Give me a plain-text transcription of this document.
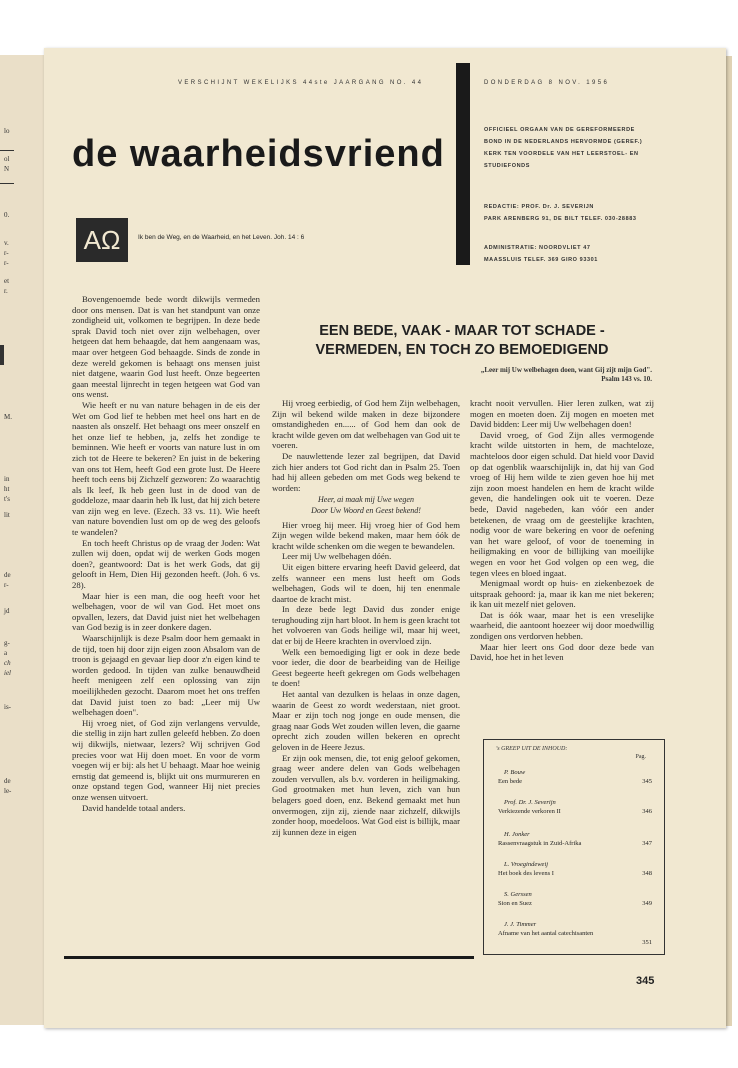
lo
ol
N
0.
v.
r-
r-
et
r.
M.
in
ht
t's
lit
de
r-
jd
g-
a
ch
iel
is-
de
le-
VERSCHIJNT WEKELIJKS 44ste JAARGANG NO. 44	DONDERDAG 8 NOV. 1956
de waarheidsvriend
AΩ	Ik ben de Weg, en de Waarheid, en het Leven. Joh. 14 : 6
OFFICIEEL ORGAAN VAN DE GEREFORMEERDE
BOND IN DE NEDERLANDS HERVORMDE (GEREF.)
KERK TEN VOORDELE VAN HET LEERSTOEL- EN
STUDIEFONDS
REDACTIE: PROF. Dr. J. SEVERIJN
PARK ARENBERG 91, DE BILT TELEF. 030-28883
ADMINISTRATIE: NOORDVLIET 47
MAASSLUIS TELEF. 369 GIRO 93301
EEN BEDE, VAAK - MAAR TOT SCHADE -
VERMEDEN, EN TOCH ZO BEMOEDIGEND
„Leer mij Uw welbehagen doen, want Gij zijt mijn God".
Psalm 143 vs. 10.

Bovengenoemde bede wordt dikwijls vermeden door ons mensen. Dat is van het standpunt van onze zondigheid uit, volkomen te begrijpen. In deze bede sprak David toch niet over zijn welbehagen, over hetgeen dat hem behaagde, dat hem aangenaam was, maar over hetgeen God behaagde. Sinds de zonde in deze wereld gekomen is behaagt ons mensen juist niet datgene, waarin God lust heeft. Onze begeerten gaan meestal lijnrecht in tegen hetgeen wat God van ons wenst.

Wie heeft er nu van nature behagen in de eis der Wet om God lief te hebben met heel ons hart en de naasten als onszelf. Het behaagt ons meer onszelf en het onze lief te hebben, ja, zelfs het zondige te beminnen. Wie heeft er voorts van nature lust in om zich tot de Heere te bekeren? En juist in de bekering van ons tot Hem, heeft God een grote lust. De Heere heeft toch eens bij Zichzelf gezworen: Zo waarachtig als Ik leef, Ik heb geen lust in de dood van de goddeloze, maar daarin heb Ik lust, dat hij zich betere van zijn weg en leve. (Ezech. 33 vs. 11). Wie heeft van nature bovendien lust om op de weg des geloofs te wandelen?

En toch heeft Christus op de vraag der Joden: Wat zullen wij doen, opdat wij de werken Gods mogen doen?, geantwoord: Dat is het werk Gods, dat gij gelooft in Hem, Dien Hij gezonden heeft. (Joh. 6 vs. 28).

Maar hier is een man, die oog heeft voor het welbehagen, voor de wil van God. Het moet ons opvallen, lezers, dat David juist niet het welbehagen van God bezig is in zeer donkere dagen.

Waarschijnlijk is deze Psalm door hem gemaakt in de tijd, toen hij door zijn eigen zoon Absalom van de troon is gejaagd en gevaar liep door z'n eigen kind te worden gedood. In tijden van zulke benauwdheid heeft menigeen zelf een oplossing van zijn moeilijkheden gezocht. Daarom moet het ons treffen dat David juist toen zo bad: „Leer mij Uw welbehagen doen".

Hij vroeg niet, of God zijn verlangens vervulde, die stellig in zijn hart zullen geleefd hebben. Zo doen wij dikwijls, nietwaar, lezers? Wij schrijven God precies voor wat Hij doen moet. En voor de vorm voegen wij er bij: als het U behaagt. Maar hoe weinig ernstig dat gemeend is, blijkt uit ons murmureren en onze opstand tegen God, wanneer Hij niet precies onze wensen uitvoert.

David handelde totaal anders.

Hij vroeg eerbiedig, of God hem Zijn welbehagen, Zijn wil bekend wilde maken in deze bijzondere omstandigheden en...... of God hem dan ook de kracht wilde geven om dat welbehagen van God uit te voeren.

De nauwlettende lezer zal begrijpen, dat David zich hier anders tot God richt dan in Psalm 25. Toen had hij alleen gebeden om met Gods weg bekend te worden:

Heer, ai maak mij Uwe wegen
Door Uw Woord en Geest bekend!

Hier vroeg hij meer. Hij vroeg hier of God hem Zijn wegen wilde bekend maken, maar hem óók de kracht wilde schenken om die wegen te bewandelen.

Leer mij Uw welbehagen dóén.

Uit eigen bittere ervaring heeft David geleerd, dat zelfs wanneer een mens lust heeft om Gods welbehagen, Gods wil te doen, hij ten enenmale daartoe de kracht mist.

In deze bede legt David dus zonder enige terughouding zijn hart bloot. In hem is geen kracht tot het volvoeren van Gods heilige wil, maar hij weet, dat er bij de Heere krachten in overvloed zijn.

Welk een bemoediging ligt er ook in deze bede voor ieder, die door de bearbeiding van de Heilige Geest begeerte heeft gekregen om Gods welbehagen te doen!

Het aantal van dezulken is helaas in onze dagen, waarin de Geest zo wordt wederstaan, niet groot. Maar er zijn toch nog jonge en oude mensen, die graag naar Gods Wet zouden willen leven, die gaarne oprecht zich zouden willen bekeren en oprecht geloven in de Heere Jezus.

Er zijn ook mensen, die, tot enig geloof gekomen, graag weer andere delen van Gods welbehagen zouden vervullen, als b.v. vorderen in heiligmaking. God grootmaken met hun leven, zich van hun belagers goed doen, enz. Bekend gemaakt met hun onvermogen, zijn zij, ziende naar zichzelf, dikwijls zonder hoop, moedeloos. Wat God eist is billijk, maar zij kunnen deze in eigen

kracht nooit vervullen. Hier leren zulken, wat zij mogen en moeten doen. Zij mogen en moeten met David bidden: Leer mij Uw welbehagen doen!

David vroeg, of God Zijn alles vermogende kracht wilde uitstorten in hem, de machteloze, machteloos door eigen schuld. Dat hield voor David op dat ogenblik waarschijnlijk in, dat hij van God vroeg of Hij hem wilde te zien geven hoe hij met zijn zoon moest handelen en hem de kracht wilde geven, die handelingen ook uit te voeren. Deze bede, David nagebeden, kan vóór een ander betekenen, de vraag om de geestelijke krachten, nodig voor de ware bekering en voor de oefening van het ware geloof, of voor de toeneming in heiligmaking en voor de billijking van moeilijke wegen en voor het God volgen op een weg, die tegen vlees en bloed ingaat.

Menigmaal wordt op huis- en ziekenbezoek de uitspraak gehoord: ja, maar ik kan me niet bekeren; ik kan uit mezelf niet geloven.

Dat is óók waar, maar het is een vreselijke waarheid, die aantoont hoezeer wij door moedwillig zondigen ons verdorven hebben.

Maar hier leert ons God door deze bede van David, hoe het in het leven

's GREEP UIT DE INHOUD:
Pag.
P. Bouw
Een bede	345
Prof. Dr. J. Severijn
Verkiezende verkoren II	346
H. Jonker
Rassenvraagstuk in Zuid-Afrika	347
L. Vroegindeweij
Het boek des levens I	348
S. Gerssen
Sion en Suez	349
J. J. Timmer
Afname van het aantal catechisanten
351
345
